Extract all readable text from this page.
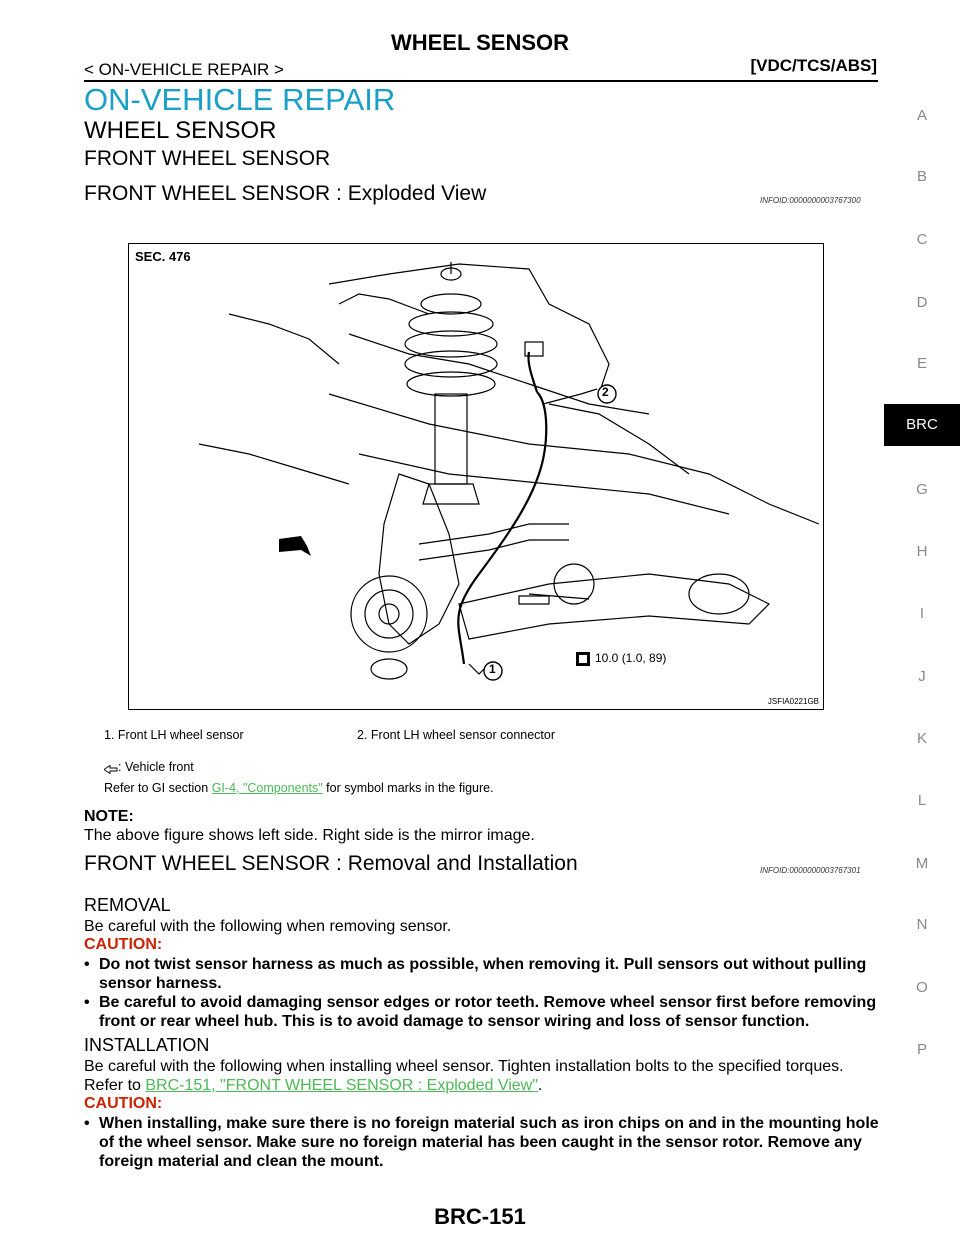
WHEEL SENSOR
< ON-VEHICLE REPAIR >	[VDC/TCS/ABS]
ON-VEHICLE REPAIR
WHEEL SENSOR
FRONT WHEEL SENSOR
FRONT WHEEL SENSOR : Exploded View	INFOID:0000000003767300
SEC. 476
2
1
10.0 (1.0, 89)
JSFIA0221GB
1. Front LH wheel sensor	2. Front LH wheel sensor connector
: Vehicle front
Refer to GI section GI-4, "Components" for symbol marks in the figure.
NOTE:
The above figure shows left side. Right side is the mirror image.
FRONT WHEEL SENSOR : Removal and Installation	INFOID:0000000003767301
REMOVAL
Be careful with the following when removing sensor.
CAUTION:
• Do not twist sensor harness as much as possible, when removing it. Pull sensors out without pulling sensor harness.
• Be careful to avoid damaging sensor edges or rotor teeth. Remove wheel sensor first before removing front or rear wheel hub. This is to avoid damage to sensor wiring and loss of sensor function.
INSTALLATION
Be careful with the following when installing wheel sensor. Tighten installation bolts to the specified torques.
Refer to BRC-151, "FRONT WHEEL SENSOR : Exploded View".
CAUTION:
• When installing, make sure there is no foreign material such as iron chips on and in the mounting hole of the wheel sensor. Make sure no foreign material has been caught in the sensor rotor. Remove any foreign material and clean the mount.
A
B
C
D
E
BRC
G
H
I
J
K
L
M
N
O
P
BRC-151
